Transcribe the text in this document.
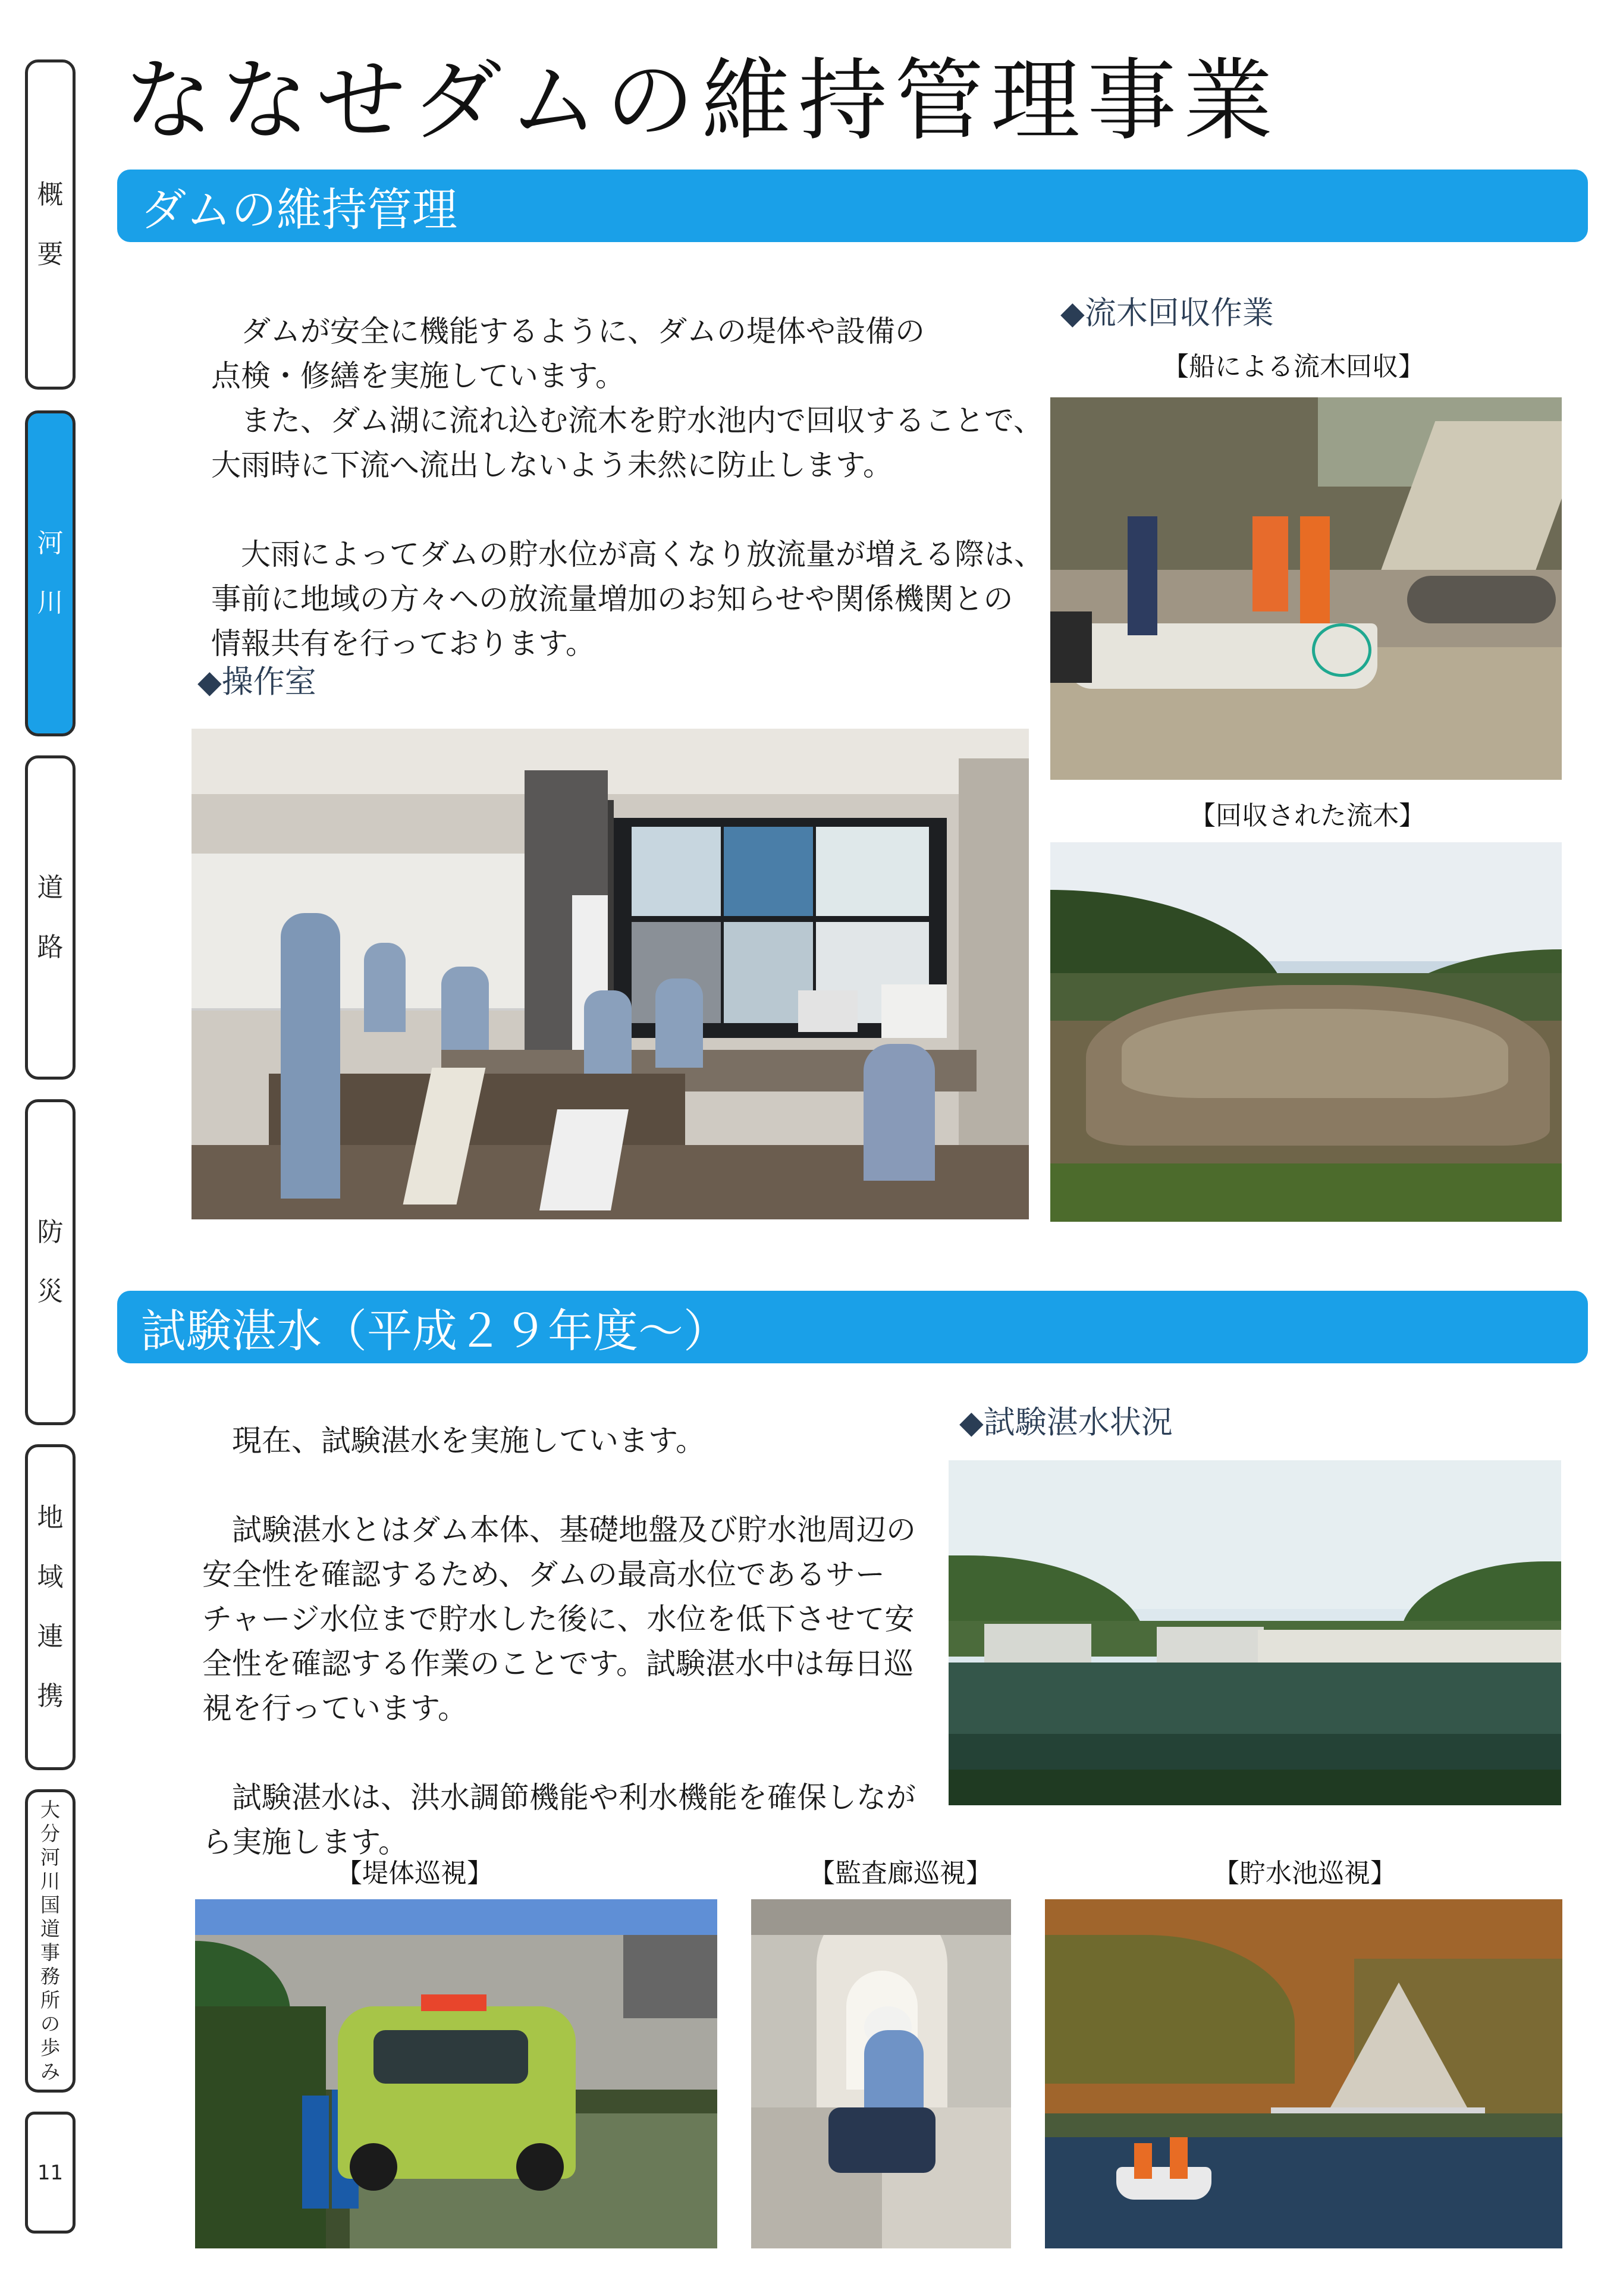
概
要
河
川
道
路
防
災
地
域
連
携
大
分
河
川
国
道
事
務
所
の
歩
み
11
ななせダムの維持管理事業
ダムの維持管理
　ダムが安全に機能するように、ダムの堤体や設備の
点検・修繕を実施しています。
　また、ダム湖に流れ込む流木を貯水池内で回収することで、
大雨時に下流へ流出しないよう未然に防止します。
　大雨によってダムの貯水位が高くなり放流量が増える際は、
事前に地域の方々への放流量増加のお知らせや関係機関との
情報共有を行っております。
◆操作室
◆流木回収作業
【船による流木回収】
【回収された流木】
試験湛水（平成２９年度～）
　現在、試験湛水を実施しています。
　試験湛水とはダム本体、基礎地盤及び貯水池周辺の
安全性を確認するため、ダムの最高水位であるサー
チャージ水位まで貯水した後に、水位を低下させて安
全性を確認する作業のことです。試験湛水中は毎日巡
視を行っています。
　試験湛水は、洪水調節機能や利水機能を確保しなが
ら実施します。
◆試験湛水状況
【堤体巡視】	【監査廊巡視】	【貯水池巡視】
